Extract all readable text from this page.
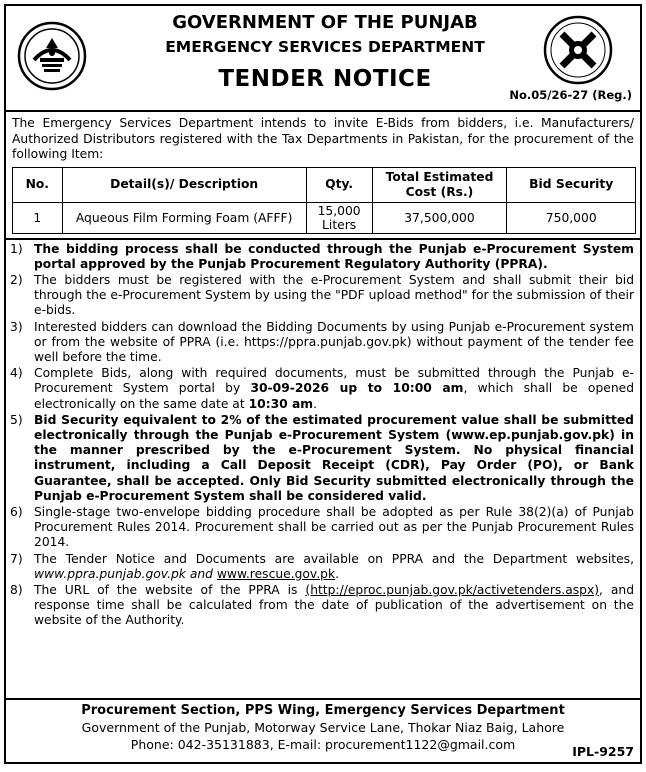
GOVERNMENT OF THE PUNJAB
EMERGENCY SERVICES DEPARTMENT
TENDER NOTICE
No.05/26-27 (Reg.)
The Emergency Services Department intends to invite E-Bids from bidders, i.e. Manufacturers/ Authorized Distributors registered with the Tax Departments in Pakistan, for the procurement of the following Item:
No.	Detail(s)/ Description	Qty.	Total Estimated Cost (Rs.)	Bid Security
1	Aqueous Film Forming Foam (AFFF)	15,000 Liters	37,500,000	750,000
1) The bidding process shall be conducted through the Punjab e-Procurement System portal approved by the Punjab Procurement Regulatory Authority (PPRA).
2) The bidders must be registered with the e-Procurement System and shall submit their bid through the e-Procurement System by using the "PDF upload method" for the submission of their e-bids.
3) Interested bidders can download the Bidding Documents by using Punjab e-Procurement system or from the website of PPRA (i.e. https://ppra.punjab.gov.pk) without payment of the tender fee well before the time.
4) Complete Bids, along with required documents, must be submitted through the Punjab e-Procurement System portal by 30-09-2026 up to 10:00 am, which shall be opened electronically on the same date at 10:30 am.
5) Bid Security equivalent to 2% of the estimated procurement value shall be submitted electronically through the Punjab e-Procurement System (www.ep.punjab.gov.pk) in the manner prescribed by the e-Procurement System. No physical financial instrument, including a Call Deposit Receipt (CDR), Pay Order (PO), or Bank Guarantee, shall be accepted. Only Bid Security submitted electronically through the Punjab e-Procurement System shall be considered valid.
6) Single-stage two-envelope bidding procedure shall be adopted as per Rule 38(2)(a) of Punjab Procurement Rules 2014. Procurement shall be carried out as per the Punjab Procurement Rules 2014.
7) The Tender Notice and Documents are available on PPRA and the Department websites, www.ppra.punjab.gov.pk and www.rescue.gov.pk.
8) The URL of the website of the PPRA is (http://eproc.punjab.gov.pk/activetenders.aspx), and response time shall be calculated from the date of publication of the advertisement on the website of the Authority.
Procurement Section, PPS Wing, Emergency Services Department
Government of the Punjab, Motorway Service Lane, Thokar Niaz Baig, Lahore
Phone: 042-35131883, E-mail: procurement1122@gmail.com	IPL-9257
